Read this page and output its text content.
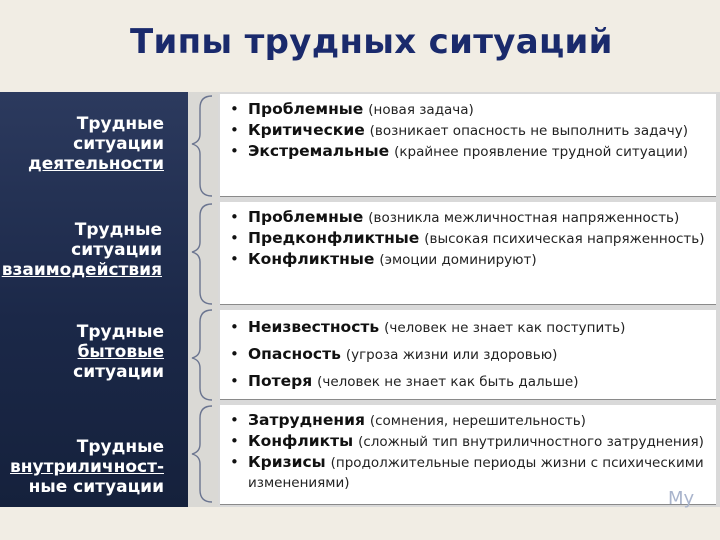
Типы трудных ситуаций
Трудные
ситуации
деятельности
Трудные
ситуации
взаимодействия
Трудные
бытовые
ситуации
Трудные
внутриличност-
ные ситуации
• Проблемные (новая задача)
• Критические (возникает опасность не выполнить задачу)
• Экстремальные (крайнее проявление трудной ситуации)
• Проблемные (возникла межличностная напряженность)
• Предконфликтные (высокая психическая напряженность)
• Конфликтные (эмоции доминируют)
• Неизвестность (человек не знает как поступить)
• Опасность (угроза жизни или здоровью)
• Потеря (человек не знает как быть дальше)
• Затруднения (сомнения, нерешительность)
• Конфликты (сложный тип внутриличностного затруднения)
• Кризисы (продолжительные периоды жизни с психическими изменениями)
My
